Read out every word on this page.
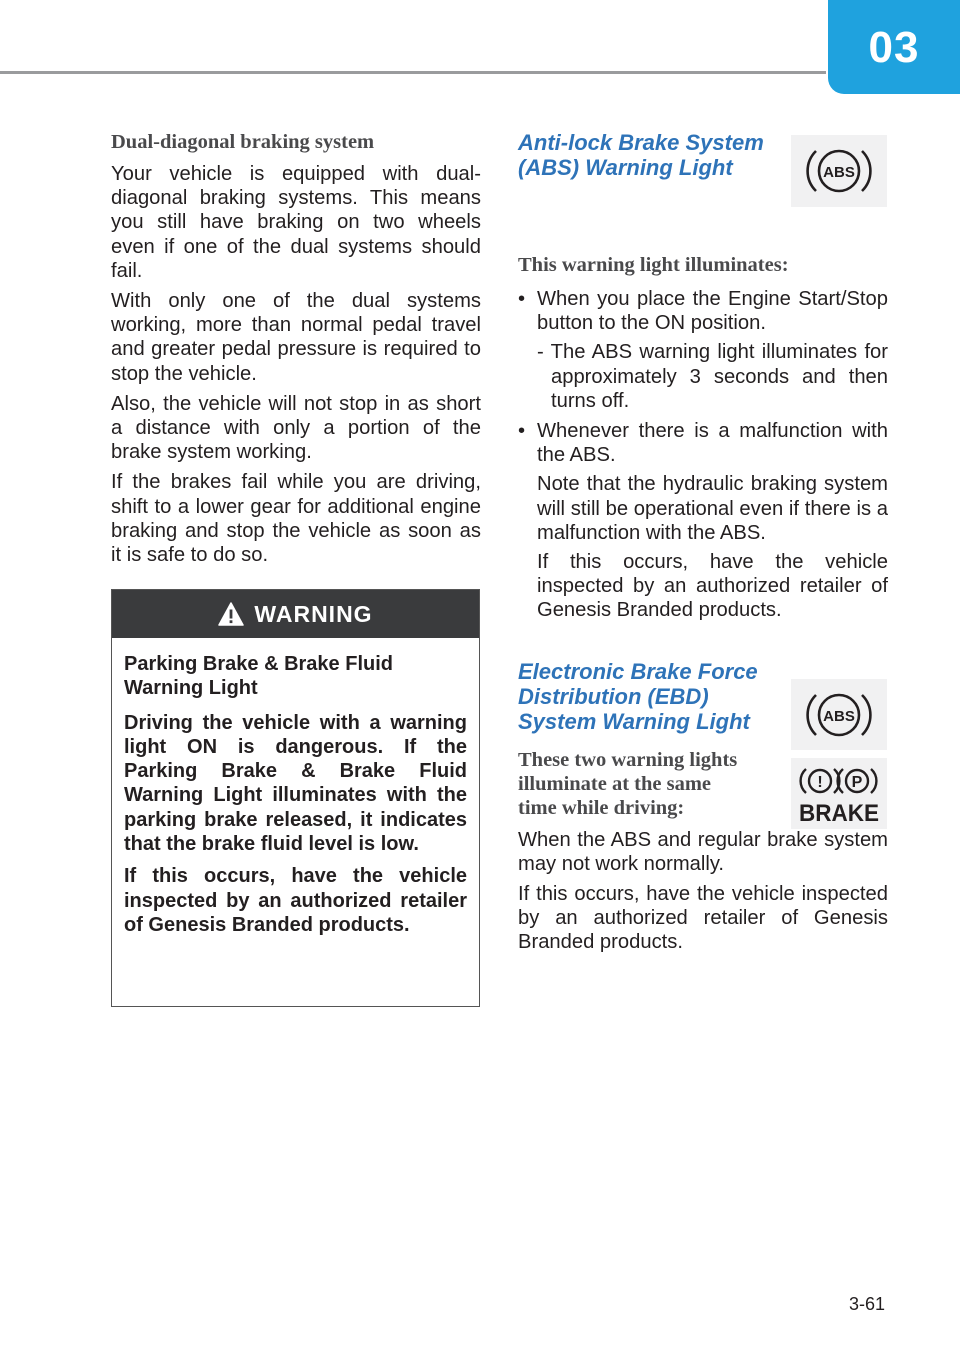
03
Dual-diagonal braking system

Your vehicle is equipped with dual-diagonal braking systems. This means you still have braking on two wheels even if one of the dual systems should fail.

With only one of the dual systems working, more than normal pedal travel and greater pedal pressure is required to stop the vehicle.

Also, the vehicle will not stop in as short a distance with only a portion of the brake system working.

If the brakes fail while you are driving, shift to a lower gear for additional engine braking and stop the vehicle as soon as it is safe to do so.

WARNING

Parking Brake & Brake Fluid Warning Light

Driving the vehicle with a warning light ON is dangerous. If the Parking Brake & Brake Fluid Warning Light illuminates with the parking brake released, it indicates that the brake fluid level is low.

If this occurs, have the vehicle inspected by an authorized retailer of Genesis Branded products.

Anti-lock Brake System
(ABS) Warning Light
This warning light illuminates:
• When you place the Engine Start/Stop button to the ON position.
- The ABS warning light illuminates for approximately 3 seconds and then turns off.
• Whenever there is a malfunction with the ABS.
Note that the hydraulic braking system will still be operational even if there is a malfunction with the ABS.
If this occurs, have the vehicle inspected by an authorized retailer of Genesis Branded products.
Electronic Brake Force
Distribution (EBD)
System Warning Light
These two warning lights
illuminate at the same
time while driving:

When the ABS and regular brake system may not work normally.

If this occurs, have the vehicle inspected by an authorized retailer of Genesis Branded products.

ABS
ABS
! P
BRAKE
3-61
